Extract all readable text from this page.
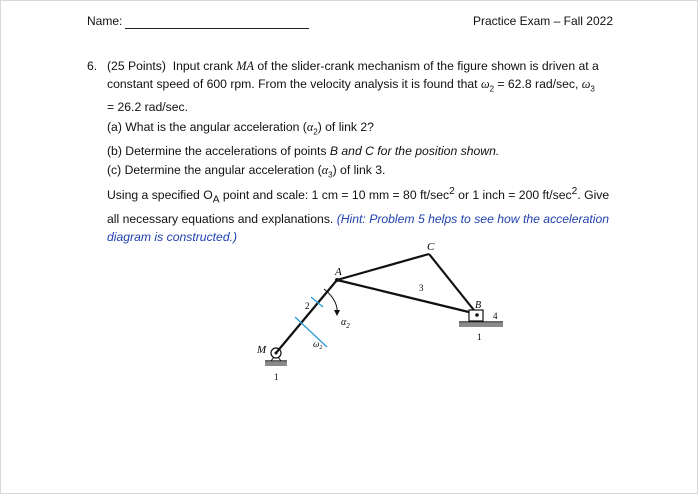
Name:	Practice Exam – Fall 2022
6. (25 Points) Input crank MA of the slider-crank mechanism of the figure shown is driven at a constant speed of 600 rpm. From the velocity analysis it is found that $\omega_2 = 62.8$ rad/sec, $\omega_3$
= 26.2 rad/sec.
(a) What is the angular acceleration $(\alpha_2)$ of link 2?
(b) Determine the accelerations of points B and C for the position shown.
(c) Determine the angular acceleration $(\alpha_3)$ of link 3.
Using a specified $O_A$ point and scale: 1 cm = 10 mm = 80 $ft/\sec^2$ or 1 inch = 200 $ft/\sec^2$. Give
all necessary equations and explanations. (Hint: Problem 5 helps to see how the acceleration
diagram is constructed.)
A
C
B
M
2
3
4
1
1
$\alpha_2$
$\omega_2$
